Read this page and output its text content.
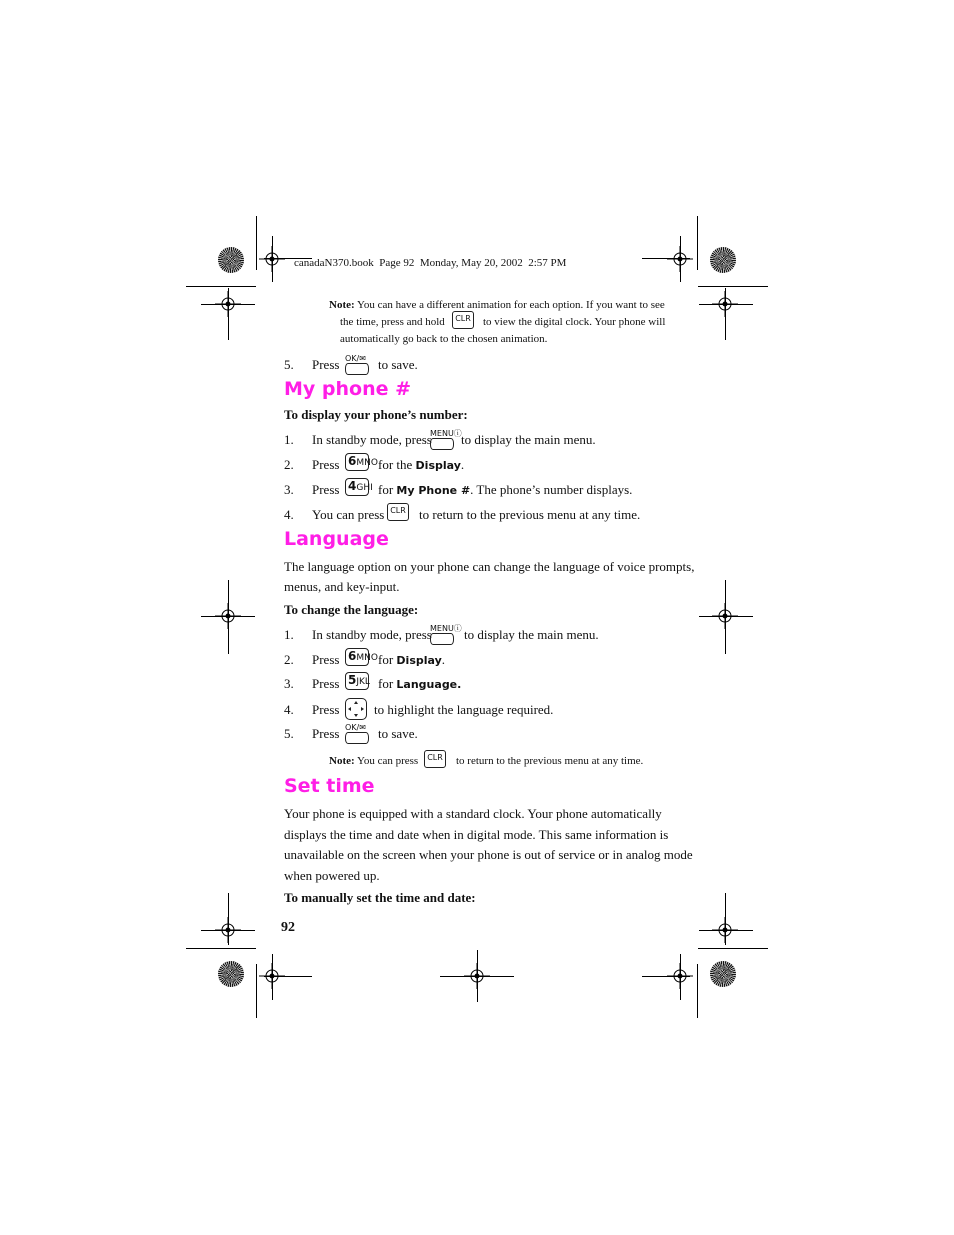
canadaN370.book  Page 92  Monday, May 20, 2002  2:57 PM
Note: You can have a different animation for each option. If you want to see
the time, press and hold
automatically go back to the chosen animation.
CLR to view the digital clock. Your phone will
5. Press OK/✉ to save.
My phone #
To display your phone’s number:
1. In standby mode, press
MENUⓘ to display the main menu.
2. Press 6MNO for the Display.
3. Press 4GHI for My Phone #. The phone’s number displays.
4. You can press CLR to return to the previous menu at any time.
Language
The language option on your phone can change the language of voice prompts,
menus, and key-input.
To change the language:
1. In standby mode, press
MENUⓘ to display the main menu.
2. Press 6MNO for Display.
3. Press 5JKL for Language.
4. Press	to highlight the language required.
5. Press OK/✉ to save.
Note: You can press	CLR to return to the previous menu at any time.
Set time
Your phone is equipped with a standard clock. Your phone automatically
displays the time and date when in digital mode. This same information is
unavailable on the screen when your phone is out of service or in analog mode
when powered up.
To manually set the time and date:
92
